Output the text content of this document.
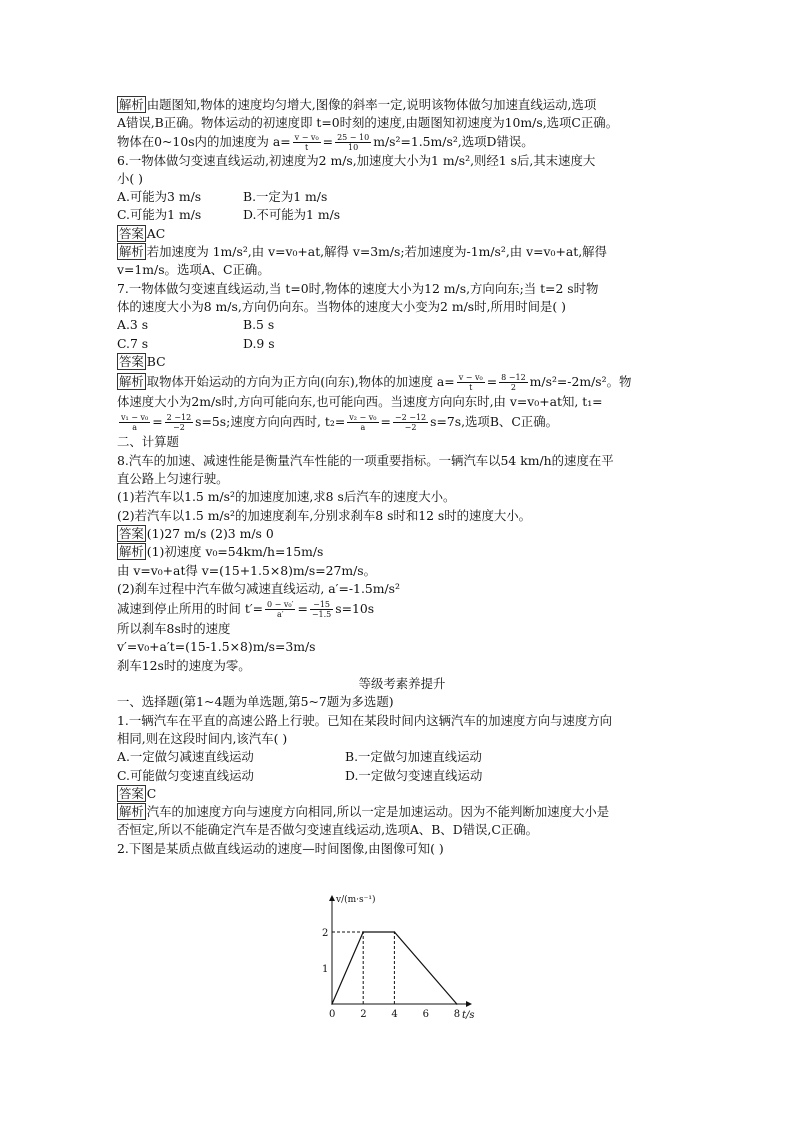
解析 由题图知,物体的速度均匀增大,图像的斜率一定,说明该物体做匀加速直线运动,选项
A错误,B正确。物体运动的初速度即 t=0时刻的速度,由题图知初速度为10m/s,选项C正确。
物体在0~10s内的加速度为 $a= \frac{\text{v − v₀}}{t} = \frac{25 - 10}{10} m/s^2=1.5m/s^2$,选项D错误。
6.一物体做匀变速直线运动,初速度为2 m/s,加速度大小为1 m/s²,则经1 s后,其末速度大
小( )
A.可能为3 m/s	B.一定为1 m/s
C.可能为1 m/s	D.不可能为1 m/s
答案 AC
解析 若加速度为 1m/s²,由 v=v₀+at,解得 v=3m/s;若加速度为-1m/s²,由 v=v₀+at,解得
v=1m/s。选项A、C正确。
7.一物体做匀变速直线运动,当 t=0时,物体的速度大小为12 m/s,方向向东;当 t=2 s时物
体的速度大小为8 m/s,方向仍向东。当物体的速度大小变为2 m/s时,所用时间是( )
A.3 s	B.5 s
C.7 s	D.9 s
答案 BC
解析 取物体开始运动的方向为正方向(向东),物体的加速度 $a= \frac{\text{v − v₀}}{t} = \frac{8 -12}{2} m/s^2=-2m/s^2$。物
体速度大小为2m/s时,方向可能向东,也可能向西。当速度方向向东时,由 v=v₀+at知, t₁=
$\frac{\text{v₁ − v₀}}{a} = \frac{2 -12}{-2} s=5s$;速度方向向西时, $t_2= \frac{\text{v₂ − v₀}}{a} = \frac{-2 -12}{-2} s=7s$,选项B、C正确。
二、计算题
8.汽车的加速、减速性能是衡量汽车性能的一项重要指标。一辆汽车以54 km/h的速度在平
直公路上匀速行驶。
(1)若汽车以1.5 m/s²的加速度加速,求8 s后汽车的速度大小。
(2)若汽车以1.5 m/s²的加速度刹车,分别求刹车8 s时和12 s时的速度大小。
答案 (1)27 m/s (2)3 m/s 0
解析 (1)初速度 v₀=54km/h=15m/s
由 v=v₀+at得 v=(15+1.5×8)m/s=27m/s。
(2)刹车过程中汽车做匀减速直线运动, a′=-1.5m/s²
减速到停止所用的时间 $t'= \frac{\text{0 − v₀′}}{a'} = \frac{-15}{-1.5} s=10s$
所以刹车8s时的速度
v′=v₀+a′t=(15-1.5×8)m/s=3m/s
刹车12s时的速度为零。
等级考素养提升
一、选择题(第1~4题为单选题,第5~7题为多选题)
1.一辆汽车在平直的高速公路上行驶。已知在某段时间内这辆汽车的加速度方向与速度方向
相同,则在这段时间内,该汽车( )
A.一定做匀减速直线运动	B.一定做匀加速直线运动
C.可能做匀变速直线运动	D.一定做匀变速直线运动
答案 C
解析 汽车的加速度方向与速度方向相同,所以一定是加速运动。因为不能判断加速度大小是
否恒定,所以不能确定汽车是否做匀变速直线运动,选项A、B、D错误,C正确。
2.下图是某质点做直线运动的速度—时间图像,由图像可知( )
v/(m·s⁻¹)
t/s
0 2 4 6 8
1
2
